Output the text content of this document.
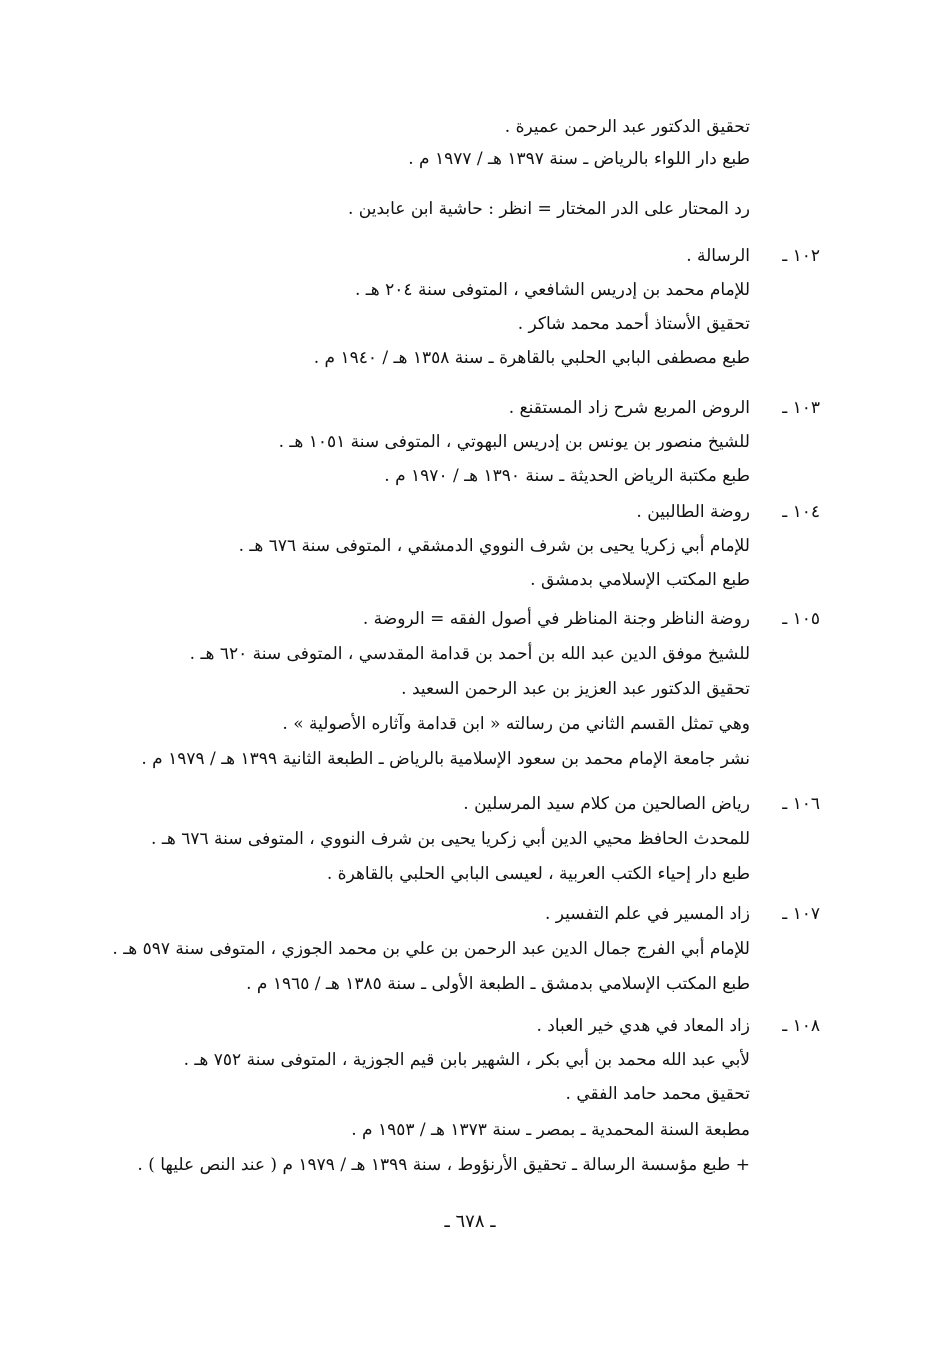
تحقيق الدكتور عبد الرحمن عميرة .
طبع دار اللواء بالرياض ـ سنة ١٣٩٧ هـ / ١٩٧٧ م .
رد المحتار على الدر المختار = انظر : حاشية ابن عابدين .
١٠٢ ـ
الرسالة .
للإمام محمد بن إدريس الشافعي ، المتوفى سنة ٢٠٤ هـ .
تحقيق الأستاذ أحمد محمد شاكر .
طبع مصطفى البابي الحلبي بالقاهرة ـ سنة ١٣٥٨ هـ / ١٩٤٠ م .
١٠٣ ـ
الروض المربع شرح زاد المستقنع .
للشيخ منصور بن يونس بن إدريس البهوتي ، المتوفى سنة ١٠٥١ هـ .
طبع مكتبة الرياض الحديثة ـ سنة ١٣٩٠ هـ / ١٩٧٠ م .
١٠٤ ـ
روضة الطالبين .
للإمام أبي زكريا يحيى بن شرف النووي الدمشقي ، المتوفى سنة ٦٧٦ هـ .
طبع المكتب الإسلامي بدمشق .
١٠٥ ـ
روضة الناظر وجنة المناظر في أصول الفقه = الروضة .
للشيخ موفق الدين عبد الله بن أحمد بن قدامة المقدسي ، المتوفى سنة ٦٢٠ هـ .
تحقيق الدكتور عبد العزيز بن عبد الرحمن السعيد .
وهي تمثل القسم الثاني من رسالته « ابن قدامة وآثاره الأصولية » .
نشر جامعة الإمام محمد بن سعود الإسلامية بالرياض ـ الطبعة الثانية ١٣٩٩ هـ / ١٩٧٩ م .
١٠٦ ـ
رياض الصالحين من كلام سيد المرسلين .
للمحدث الحافظ محيي الدين أبي زكريا يحيى بن شرف النووي ، المتوفى سنة ٦٧٦ هـ .
طبع دار إحياء الكتب العربية ، لعيسى البابي الحلبي بالقاهرة .
١٠٧ ـ
زاد المسير في علم التفسير .
للإمام أبي الفرج جمال الدين عبد الرحمن بن علي بن محمد الجوزي ، المتوفى سنة ٥٩٧ هـ .
طبع المكتب الإسلامي بدمشق ـ الطبعة الأولى ـ سنة ١٣٨٥ هـ / ١٩٦٥ م .
١٠٨ ـ
زاد المعاد في هدي خير العباد .
لأبي عبد الله محمد بن أبي بكر ، الشهير بابن قيم الجوزية ، المتوفى سنة ٧٥٢ هـ .
تحقيق محمد حامد الفقي .
مطبعة السنة المحمدية ـ بمصر ـ سنة ١٣٧٣ هـ / ١٩٥٣ م .
+ طبع مؤسسة الرسالة ـ تحقيق الأرنؤوط ، سنة ١٣٩٩ هـ / ١٩٧٩ م ( عند النص عليها ) .
ـ ٦٧٨ ـ
